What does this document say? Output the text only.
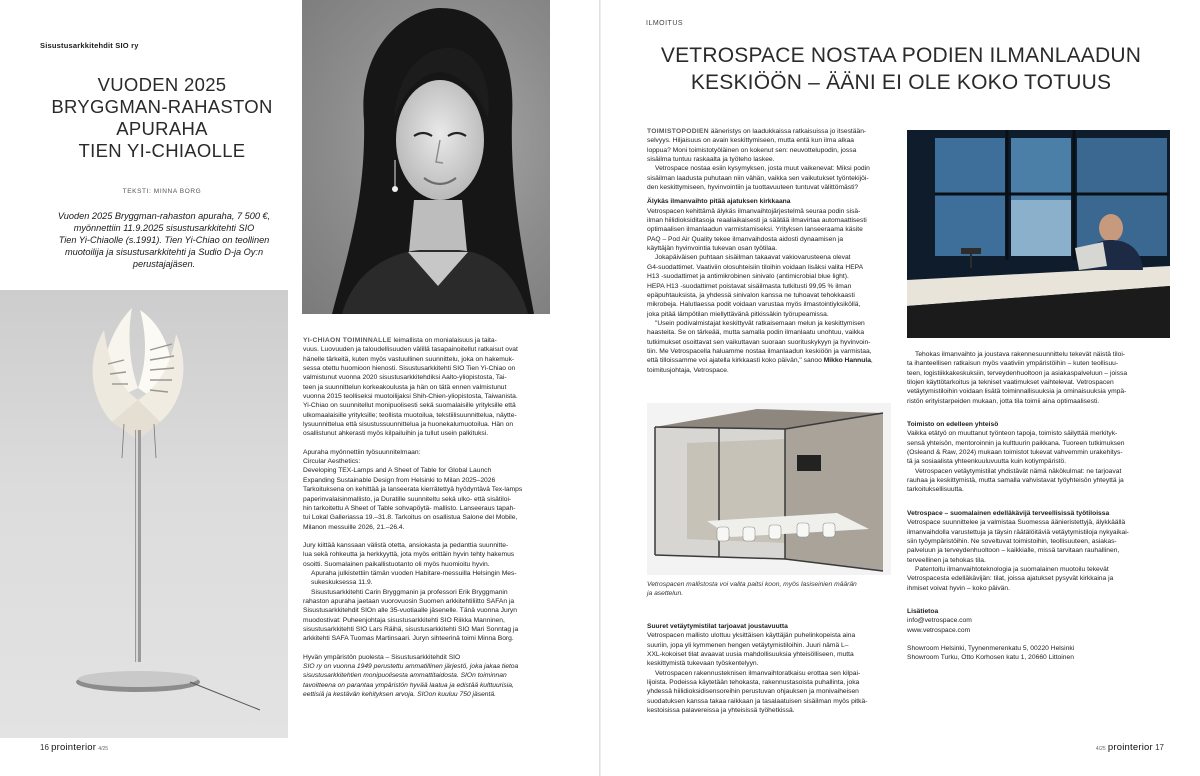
Sisustusarkkitehdit SIO ry
VUODEN 2025
BRYGGMAN-RAHASTON
APURAHA
TIEN YI-CHIAOLLE
TEKSTI: MINNA BORG
Vuoden 2025 Bryggman-rahaston apuraha, 7 500 €,
myönnettiin 11.9.2025 sisustusarkkitehti SIO
Tien Yi-Chiaolle (s.1991). Tien Yi-Chiao on teollinen
muotoilija ja sisustusarkkitehti ja Sudio D-ja Oy:n
perustajajäsen.

YI-CHIAON TOIMINNALLE leimallista on monialaisuus ja taita-

vuus. Luovuuden ja taloudellisuuden välillä tasapainoitellut ratkaisut ovat

hänelle tärkeitä, kuten myös vastuullinen suunnittelu, joka on hakemuk-

sessa otettu huomioon hienosti. Sisustusarkkitehti SIO Tien Yi-Chiao on

valmistunut vuonna 2020 sisustusarkkitehdiksi Aalto-yliopistosta, Tai-

teen ja suunnittelun korkeakoulusta ja hän on tätä ennen valmistunut

vuonna 2015 teolliseksi muotoilijaksi Shih-Chien-yliopistosta, Taiwanista.

Yi-Chiao on suunnitellut monipuolisesti sekä suomalaisille yrityksille että

ulkomaalaisille yrityksille; teollista muotoilua, tekstiilisuunnittelua, näytte-

lysuunnittelua että sisustussuunnittelua ja huonekalumuotoilua. Hän on

osallistunut ahkerasti myös kilpailuihin ja tullut usein palkituksi.

Apuraha myönnettiin työsuunnitelmaan:

Circular Aesthetics:

Developing TEX-Lamps and A Sheet of Table for Global Launch

Expanding Sustainable Design from Helsinki to Milan 2025–2026

Tarkoituksena on kehittää ja lanseerata kierrätettyä hyödyntävä Tex-lamps

paperinvalaisinmallisto, ja Duratille suunniteltu sekä ulko- että sisätiloi-

hin tarkoitettu A Sheet of Table sohvapöytä- mallisto. Lanseeraus tapah-

tui Lokal Galleriassa 19.–31.8. Tarkoitus on osallistua Salone del Mobile,

Milanon messuille 2026, 21.–26.4.

Jury kiittää kanssaan välistä otetta, ansiokasta ja pedanttia suunnitte-

lua sekä rohkeutta ja herkkyyttä, jota myös erittäin hyvin tehty hakemus

osoitti. Suomalainen paikallistuotanto oli myös huomioitu hyvin.

Apuraha julkistettiin tämän vuoden Habitare-messuilla Helsingin Mes-

sukeskuksessa 11.9.

Sisustusarkkitehti Carin Bryggmanin ja professori Erik Bryggmanin

rahaston apuraha jaetaan vuorovuosin Suomen arkkitehtiliitto SAFAn ja

Sisustusarkkitehdit SIOn alle 35-vuotiaalle jäsenelle. Tänä vuonna Juryn

muodostivat: Puheenjohtaja sisustusarkkitehti SIO Riikka Manninen,

sisustusarkkitehti SIO Lars Räihä, sisustusarkkitehti SIO Mari Sonntag ja

arkkitehti SAFA Tuomas Martinsaari. Juryn sihteerinä toimi Minna Borg.

Hyvän ympäristön puolesta – Sisustusarkkitehdit SIO

SIO ry on vuonna 1949 perustettu ammatillinen järjestö, joka jakaa tietoa

sisustusarkkitehtien monipuolisesta ammattitaidosta. SIOn toiminnan

tavoitteena on parantaa ympäristön hyvää laatua ja edistää kulttuurisia,

eettisiä ja kestävän kehityksen arvoja. SIOon kuuluu 750 jäsentä.

16 prointerior 4/25
ILMOITUS
VETROSPACE NOSTAA PODIEN ILMANLAADUN
KESKIÖÖN – ÄÄNI EI OLE KOKO TOTUUS

TOIMISTOPODIEN ääneristys on laadukkaissa ratkaisuissa jo itsestään-

selvyys. Hiljaisuus on avain keskittymiseen, mutta entä kun ilma alkaa

loppua? Moni toimistotyöläinen on kokenut sen: neuvottelupodin, jossa

sisäilma tuntuu raskaalta ja työteho laskee.

Vetrospace nostaa esiin kysymyksen, josta muut vaikenevat: Miksi podin

sisäilman laadusta puhutaan niin vähän, vaikka sen vaikutukset työntekijöi-

den keskittymiseen, hyvinvointiin ja tuottavuuteen tuntuvat välittömästi?

Älykäs ilmanvaihto pitää ajatuksen kirkkaana

Vetrospacen kehittämä älykäs ilmanvaihtojärjestelmä seuraa podin sisä-

ilman hiilidioksiditasoja reaaliaikaisesti ja säätää ilmavirtaa automaattisesti

optimaalisen ilmanlaadun varmistamiseksi. Yrityksen lanseeraama käsite

PAQ – Pod Air Quality tekee ilmanvaihdosta aidosti dynaamisen ja

käyttäjän hyvinvointia tukevan osan työtilaa.

Jokapäiväisen puhtaan sisäilman takaavat vakiovarusteena olevat

G4-suodattimet. Vaativiin olosuhteisiin tiloihin voidaan lisäksi valita HEPA

H13 -suodattimet ja antimikrobinen sinivalo (antimicrobial blue light).

HEPA H13 -suodattimet poistavat sisäilmasta tutkitusti 99,95 % ilman

epäpuhtauksista, ja yhdessä sinivalon kanssa ne tuhoavat tehokkaasti

mikrobeja. Halutlaessa podit voidaan varustaa myös ilmastointiyksiköllä,

joka pitää lämpötilan miellyttävänä pitkissäkin työrupeamissa.

"Usein podivalmistajat keskittyvät ratkaisemaan melun ja keskittymisen

haasteita. Se on tärkeää, mutta samalla podin ilmanlaatu unohtuu, vaikka

tutkimukset osoittavat sen vaikuttavan suoraan suorituskykyyn ja hyvinvoin-

tiin. Me Vetrospacella haluamme nostaa ilmanlaadun keskiöön ja varmistaa,

että tilloissamme voi ajatella kirkkaasti koko päivän," sanoo Mikko Hannula,

toimitusjohtaja, Vetrospace.

Vetrospacen mallistosta voi valita paitsi koon, myös lasiseinien määrän
ja asettelun.

Suuret vetäytymistilat tarjoavat joustavuutta

Vetrospacen mallisto ulottuu yksittäisen käyttäjän puhelinkopeista aina

suuriin, jopa yli kymmenen hengen vetäytymistiloihin. Juuri nämä L–

XXL-kokoiset tilat avaavat uusia mahdollisuuksia yhteisölliseen, mutta

keskittymistä tukevaan työskentelyyn.

Vetrospacen rakennusteknisen ilmanvaihtoratkaisu erottaa sen kilpai-

lijoista. Podeissa käytetään tehokasta, rakennustasoista puhallinta, joka

yhdessä hiilidioksidisensoreihin perustuvan ohjauksen ja monivaiheisen

suodatuksen kanssa takaa raikkaan ja tasalaatuisen sisäilman myös pitkä-

kestoisissa palavereissa ja yhteisissä työhetkissä.

Tehokas ilmanvaihto ja joustava rakennesuunnittelu tekevät näistä tiloi-

ta ihanteellisen ratkaisun myös vaativiin ympäristöihin – kuten teollisuu-

teen, logistiikkakeskuksiin, terveydenhuoltoon ja asiakaspalveluun – joissa

tilojen käyttötarkoitus ja tekniset vaatimukset vaihtelevat. Vetrospacen

vetäytymistiloihin voidaan lisätä toiminnallisuuksia ja ominaisuuksia ympä-

ristön erityistarpeiden mukaan, jotta tila toimii aina optimaalisesti.

Toimisto on edelleen yhteisö

Vaikka etätyö on muuttanut työnteon tapoja, toimisto säilyttää merkityk-

sensä yhteisön, mentoroinnin ja kulttuurin paikkana. Tuoreen tutkimuksen

(Osleand & Raw, 2024) mukaan toimistot tukevat vahvemmin urakehitys-

tä ja sosiaalista yhteenkuuluvuutta kuin kotiympäristö.

Vetrospacen vetäytymistilat yhdistävät nämä näkökulmat: ne tarjoavat

rauhaa ja keskittymistä, mutta samalla vahvistavat työyhteisön yhteyttä ja

tarkoituksellisuutta.

Vetrospace – suomalainen edelläkävijä terveellisissä työtiloissa

Vetrospace suunnittelee ja valmistaa Suomessa äänieristettyjä, älykkäällä

ilmanvaihdolla varustettuja ja täysin räätälöitäviä vetäytymistiloja nykyaikai-

siin työympäristöihin. Ne soveltuvat toimistoihin, teollisuuteen, asiakas-

palveluun ja terveydenhuoltoon – kaikkialle, missä tarvitaan rauhallinen,

terveellinen ja tehokas tila.

Patentoitu ilmanvaihtoteknologia ja suomalainen muotoilu tekevät

Vetrospacesta edelläkävijän: tilat, joissa ajatukset pysyvät kirkkaina ja

ihmiset voivat hyvin – koko päivän.

Lisätietoa

info@vetrospace.com

www.vetrospace.com

Showroom Helsinki, Tyynenmerenkatu 5, 00220 Helsinki

Showroom Turku, Otto Korhosen katu 1, 20660 Littoinen

4/25 prointerior 17
